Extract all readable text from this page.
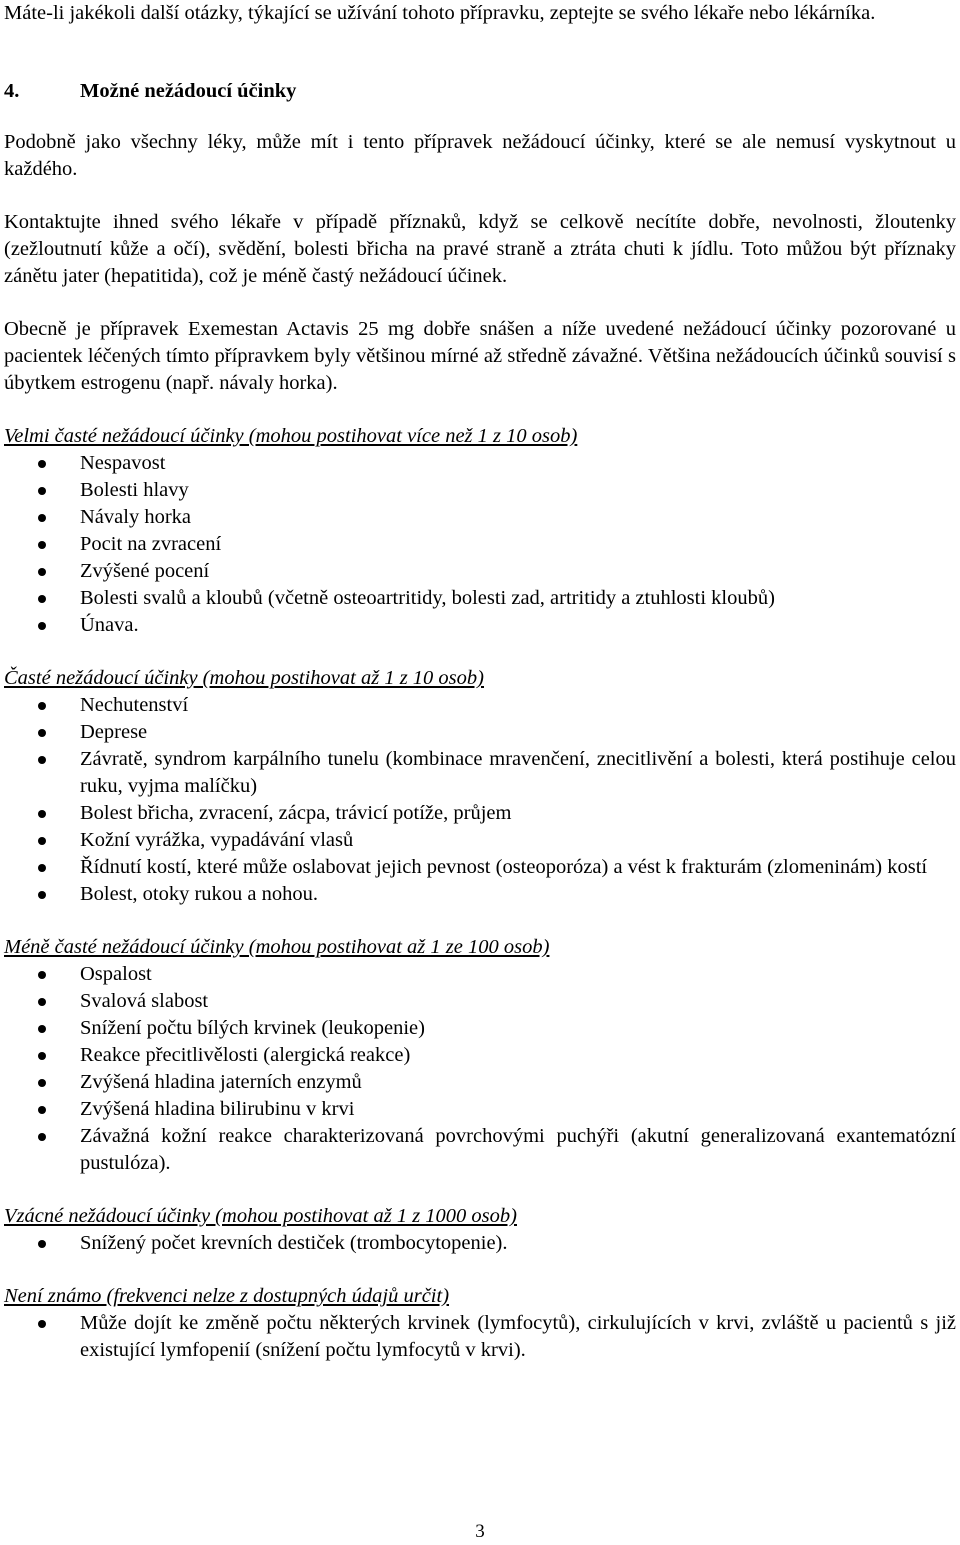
Máte-li jakékoli další otázky, týkající se užívání tohoto přípravku, zeptejte se svého lékaře nebo lékárníka.

4.	Možné nežádoucí účinky

Podobně jako všechny léky, může mít i tento přípravek nežádoucí účinky, které se ale nemusí vyskytnout u každého.

Kontaktujte ihned svého lékaře v případě příznaků, když se celkově necítíte dobře, nevolnosti, žloutenky (zežloutnutí kůže a očí), svědění, bolesti břicha na pravé straně a ztráta chuti k jídlu. Toto můžou být příznaky zánětu jater (hepatitida), což je méně častý nežádoucí účinek.

Obecně je přípravek Exemestan Actavis 25 mg dobře snášen a níže uvedené nežádoucí účinky pozorované u pacientek léčených tímto přípravkem byly většinou mírné až středně závažné. Většina nežádoucích účinků souvisí s úbytkem estrogenu (např. návaly horka).

Velmi časté nežádoucí účinky (mohou postihovat více než 1 z 10 osob)

Nespavost
Bolesti hlavy
Návaly horka
Pocit na zvracení
Zvýšené pocení
Bolesti svalů a kloubů (včetně osteoartritidy, bolesti zad, artritidy a ztuhlosti kloubů)
Únava.

Časté nežádoucí účinky (mohou postihovat až 1 z 10 osob)

Nechutenství
Deprese
Závratě, syndrom karpálního tunelu (kombinace mravenčení, znecitlivění a bolesti, která postihuje celou ruku, vyjma malíčku)
Bolest břicha, zvracení, zácpa, trávicí potíže, průjem
Kožní vyrážka, vypadávání vlasů
Řídnutí kostí, které může oslabovat jejich pevnost (osteoporóza) a vést k frakturám (zlomeninám) kostí
Bolest, otoky rukou a nohou.

Méně časté nežádoucí účinky (mohou postihovat až 1 ze 100 osob)

Ospalost
Svalová slabost
Snížení počtu bílých krvinek (leukopenie)
Reakce přecitlivělosti (alergická reakce)
Zvýšená hladina jaterních enzymů
Zvýšená hladina bilirubinu v krvi
Závažná kožní reakce charakterizovaná povrchovými puchýři (akutní generalizovaná exantematózní pustulóza).

Vzácné nežádoucí účinky (mohou postihovat až 1 z 1000 osob)

Snížený počet krevních destiček (trombocytopenie).

Není známo (frekvenci nelze z dostupných údajů určit)

Může dojít ke změně počtu některých krvinek (lymfocytů), cirkulujících v krvi, zvláště u pacientů s již existující lymfopenií (snížení počtu lymfocytů v krvi).
3
